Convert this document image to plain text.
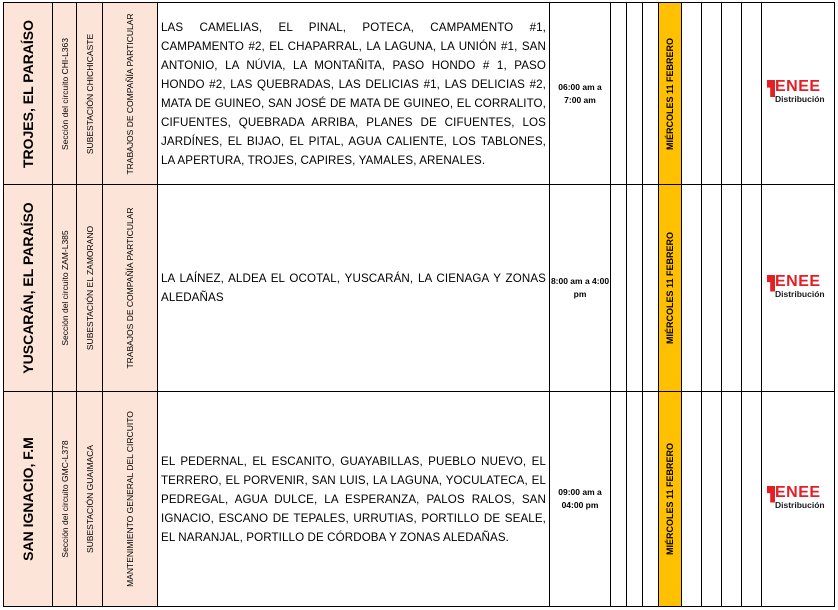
TROJES, EL PARAÍSO	Sección del circuito CHI-L363	SUBESTACIÓN CHICHICASTE	TRABAJOS DE COMPAÑÍA PARTICULAR	LAS CAMELIAS, EL PINAL, POTECA, CAMPAMENTO #1, CAMPAMENTO #2, EL CHAPARRAL, LA LAGUNA, LA UNIÓN #1, SAN ANTONIO, LA NÚVIA, LA MONTAÑITA, PASO HONDO # 1, PASO HONDO #2, LAS QUEBRADAS, LAS DELICIAS #1, LAS DELICIAS #2, MATA DE GUINEO, SAN JOSÉ DE MATA DE GUINEO, EL CORRALITO, CIFUENTES, QUEBRADA ARRIBA, PLANES DE CIFUENTES, LOS JARDÍNES, EL BIJAO, EL PITAL, AGUA CALIENTE, LOS TABLONES, LA APERTURA, TROJES, CAPIRES, YAMALES, ARENALES.	06:00 am a 7:00 am				MIÉRCOLES 11 FEBRERO					ENEE
Distribución

YUSCARÁN, EL PARAÍSO	Sección del circuito ZAM-L385	SUBESTACIÓN EL ZAMORANO	TRABAJOS DE COMPAÑÍA PARTICULAR	LA LAÍNEZ, ALDEA EL OCOTAL, YUSCARÁN, LA CIENAGA Y ZONAS ALEDAÑAS	8:00 am a 4:00 pm				MIÉRCOLES 11 FEBRERO					ENEE
Distribución

SAN IGNACIO, F.M	Sección del circuito GMC-L378	SUBESTACIÓN GUAIMACA	MANTENIMIENTO GENERAL DEL CIRCUITO	EL PEDERNAL, EL ESCANITO, GUAYABILLAS, PUEBLO NUEVO, EL TERRERO, EL PORVENIR, SAN LUIS, LA LAGUNA, YOCULATECA, EL PEDREGAL, AGUA DULCE, LA ESPERANZA, PALOS RALOS, SAN IGNACIO, ESCANO DE TEPALES, URRUTIAS, PORTILLO DE SEALE, EL NARANJAL, PORTILLO DE CÓRDOBA Y ZONAS ALEDAÑAS.	09:00 am a 04:00 pm				MIÉRCOLES 11 FEBRERO					ENEE
Distribución
